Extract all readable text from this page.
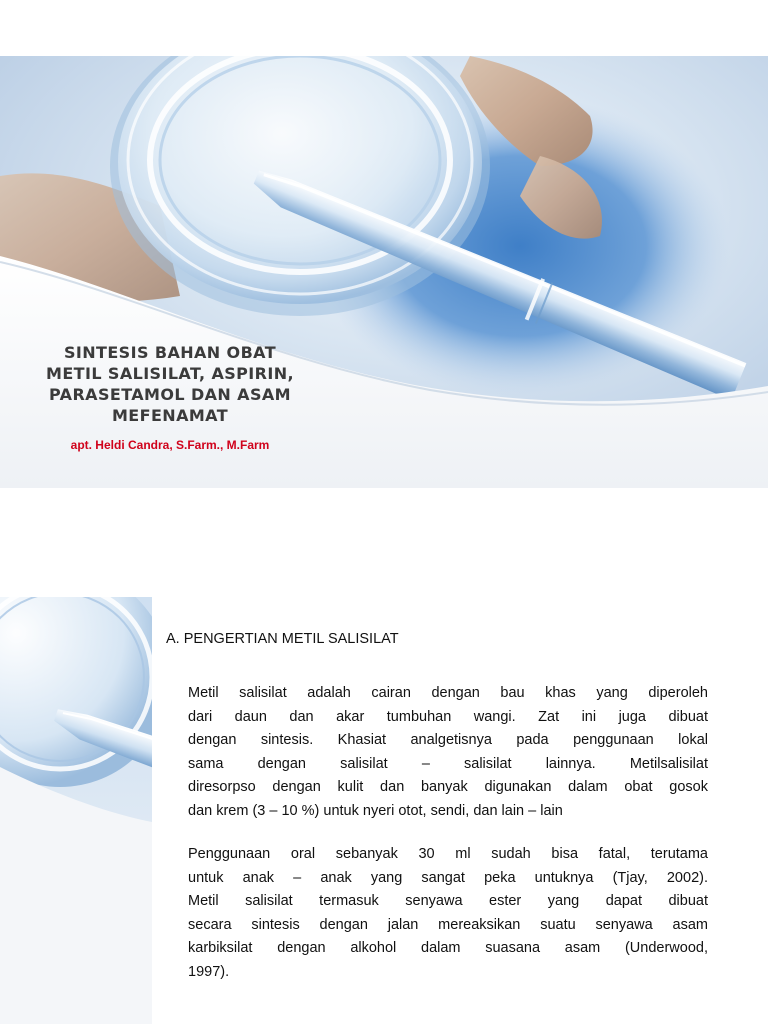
SINTESIS BAHAN OBAT
METIL SALISILAT, ASPIRIN,
PARASETAMOL DAN ASAM
MEFENAMAT
apt. Heldi Candra, S.Farm., M.Farm
A. PENGERTIAN METIL SALISILAT
Metil salisilat adalah cairan dengan bau khas yang diperoleh
dari daun dan akar tumbuhan wangi. Zat ini juga dibuat
dengan sintesis. Khasiat analgetisnya pada penggunaan lokal
sama dengan salisilat – salisilat lainnya. Metilsalisilat
diresorpso dengan kulit dan banyak digunakan dalam obat gosok
dan krem (3 – 10 %) untuk nyeri otot, sendi, dan lain – lain
Penggunaan oral sebanyak 30 ml sudah bisa fatal, terutama
untuk anak – anak yang sangat peka untuknya (Tjay, 2002).
Metil salisilat termasuk senyawa ester yang dapat dibuat
secara sintesis dengan jalan mereaksikan suatu senyawa asam
karbiksilat dengan alkohol dalam suasana asam (Underwood,
1997).
